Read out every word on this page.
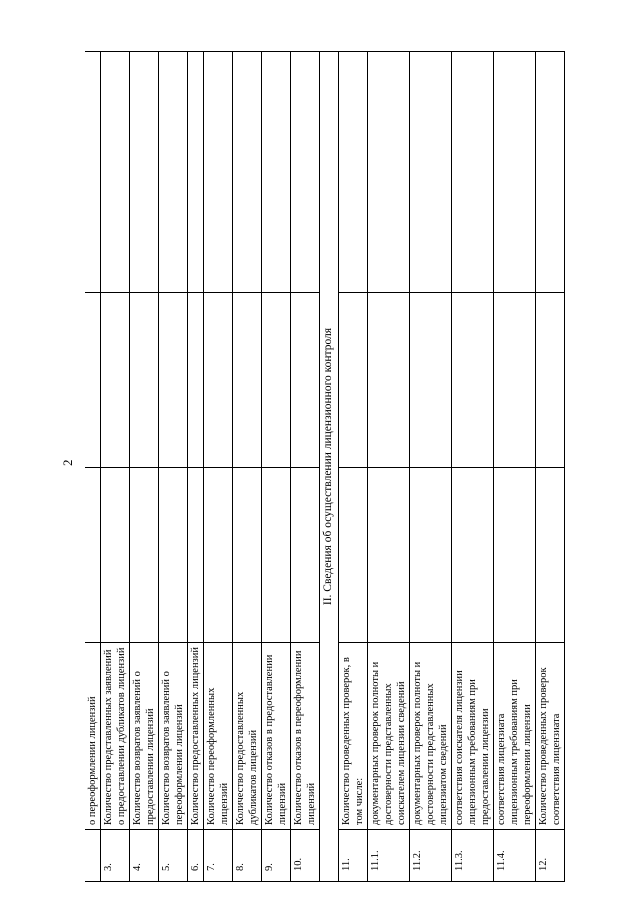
2
	о переоформлении лицензий			
3.	Количество представленных заявлений о предоставлении дубликатов лицензий			
4.	Количество возвратов заявлений о предоставлении лицензий			
5.	Количество возвратов заявлений о переоформлении лицензий			
6.	Количество предоставленных лицензий			
7.	Количество переоформленных лицензий			
8.	Количество предоставленных дубликатов лицензий			
9.	Количество отказов в предоставлении лицензий			
10.	Количество отказов в переоформлении лицензий			
II. Сведения об осуществлении лицензионного контроля				
11.	Количество проведенных проверок, в том числе:			
11.1.	документарных проверок полноты и достоверности представленных соискателем лицензии сведений			
11.2.	документарных проверок полноты и достоверности представленных лицензиатом сведений			
11.3.	соответствия соискателя лицензии лицензионным требованиям при предоставлении лицензии			
11.4.	соответствия лицензиата лицензионным требованиям при переоформлении лицензии			
12.	Количество проведенных проверок соответствия лицензиата			
